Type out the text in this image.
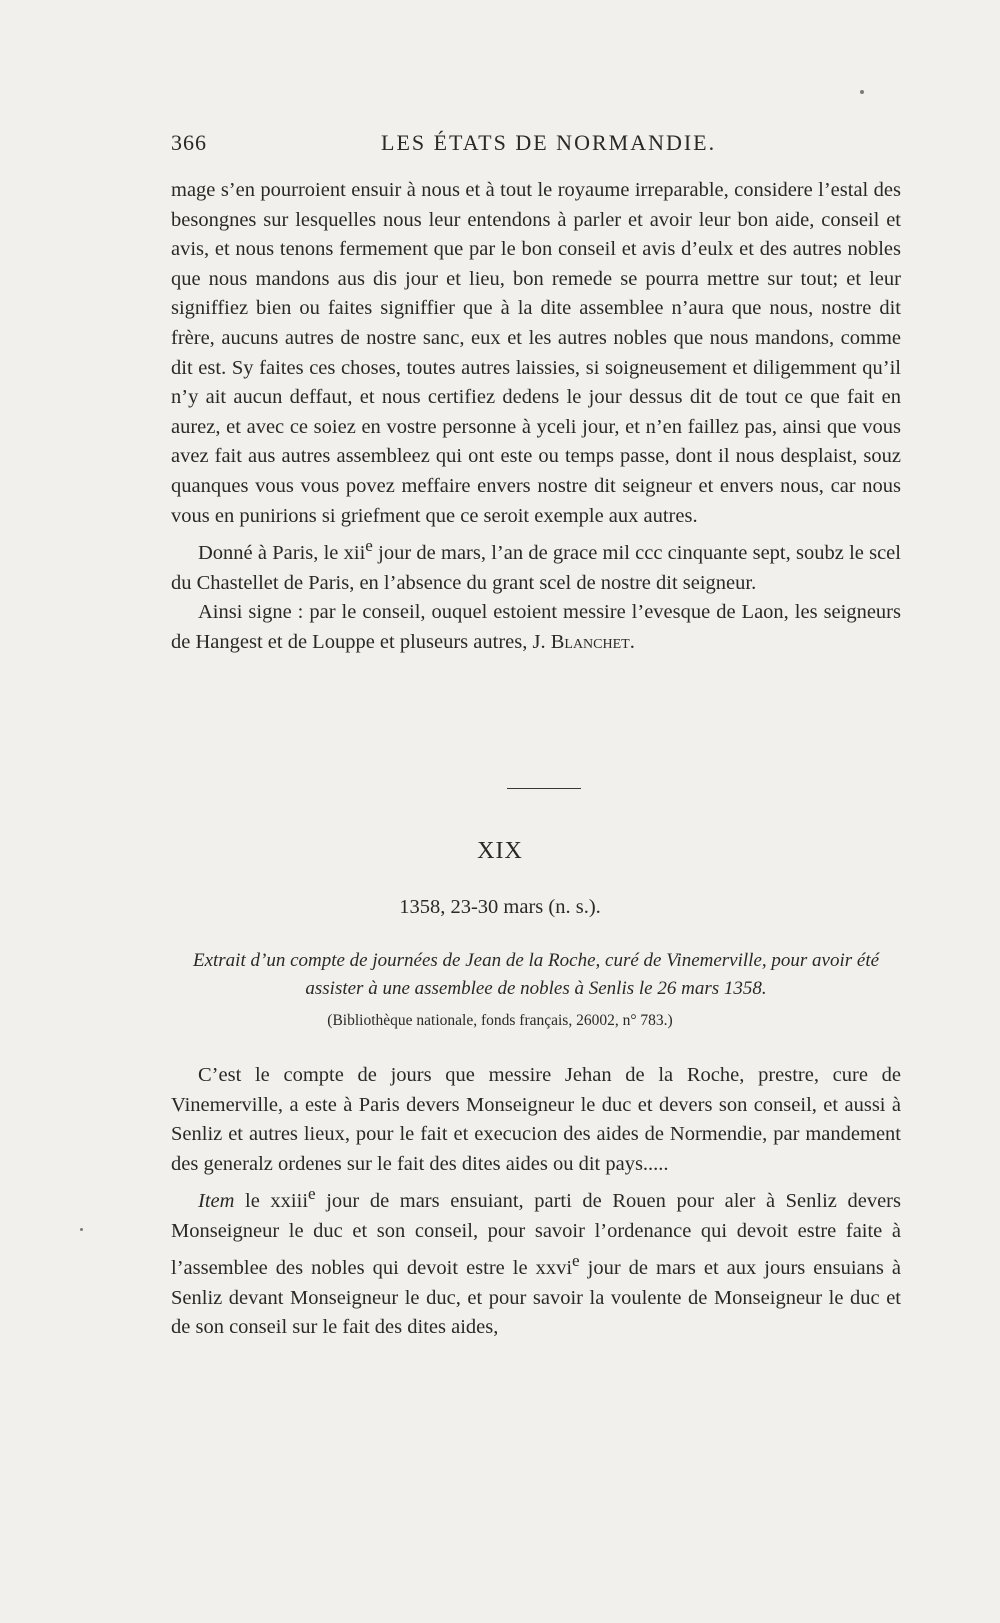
366	LES ÉTATS DE NORMANDIE.

mage s’en pourroient ensuir à nous et à tout le royaume irreparable, considere l’estal des besongnes sur lesquelles nous leur entendons à parler et avoir leur bon aide, conseil et avis, et nous tenons fermement que par le bon conseil et avis d’eulx et des autres nobles que nous mandons aus dis jour et lieu, bon remede se pourra mettre sur tout; et leur signiffiez bien ou faites signiffier que à la dite assemblee n’aura que nous, nostre dit frère, aucuns autres de nostre sanc, eux et les autres nobles que nous mandons, comme dit est. Sy faites ces choses, toutes autres laissies, si soigneusement et diligemment qu’il n’y ait aucun deffaut, et nous certifiez dedens le jour dessus dit de tout ce que fait en aurez, et avec ce soiez en vostre personne à yceli jour, et n’en faillez pas, ainsi que vous avez fait aus autres assembleez qui ont este ou temps passe, dont il nous desplaist, souz quanques vous vous povez meffaire envers nostre dit seigneur et envers nous, car nous vous en punirions si griefment que ce seroit exemple aux autres.

Donné à Paris, le xii$^e$ jour de mars, l’an de grace mil ccc cinquante sept, soubz le scel du Chastellet de Paris, en l’absence du grant scel de nostre dit seigneur.

Ainsi signe : par le conseil, ouquel estoient messire l’evesque de Laon, les seigneurs de Hangest et de Louppe et pluseurs autres, J. Blanchet.

XIX
1358, 23-30 mars (n. s.).
Extrait d’un compte de journées de Jean de la Roche, curé de Vinemerville, pour avoir été assister à une assemblee de nobles à Senlis le 26 mars 1358.
(Bibliothèque nationale, fonds français, 26002, n° 783.)

C’est le compte de jours que messire Jehan de la Roche, prestre, cure de Vinemerville, a este à Paris devers Monseigneur le duc et devers son conseil, et aussi à Senliz et autres lieux, pour le fait et execucion des aides de Normendie, par mandement des generalz ordenes sur le fait des dites aides ou dit pays.....

Item le xxiii$^e$ jour de mars ensuiant, parti de Rouen pour aler à Senliz devers Monseigneur le duc et son conseil, pour savoir l’ordenance qui devoit estre faite à l’assemblee des nobles qui devoit estre le xxvi$^e$ jour de mars et aux jours ensuians à Senliz devant Monseigneur le duc, et pour savoir la voulente de Monseigneur le duc et de son conseil sur le fait des dites aides,
